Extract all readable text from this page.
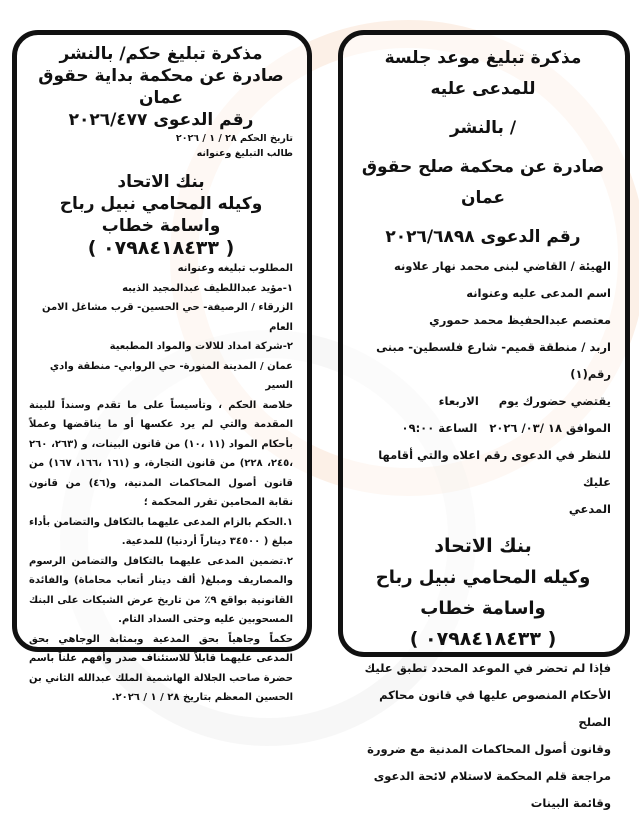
مذكرة تبليغ موعد جلسة للمدعى عليه
/ بالنشر
صادرة عن محكمة صلح حقوق عمان
رقم الدعوى ٢٠٢٦/٦٨٩٨
الهيئة / القاضي لبنى محمد نهار علاونه
اسم المدعى عليه وعنوانه
معتصم عبدالحفيظ محمد حموري
اربد / منطقة قميم- شارع فلسطين- مبنى رقم(١)
يقتضي حضورك يوم     الاربعاء
الموافق ١٨ /٠٣/ ٢٠٢٦   الساعة ٠٩:٠٠
للنظر في الدعوى رقم اعلاه والتي أقامها عليك
المدعي
بنك الاتحاد
وكيله المحامي نبيل رباح واسامة خطاب
( ٠٧٩٨٤١٨٤٣٣ )
فإذا لم تحضر في الموعد المحدد تطبق عليك
الأحكام المنصوص عليها في قانون محاكم الصلح
وقانون أصول المحاكمات المدنية مع ضرورة
مراجعة قلم المحكمة لاستلام لائحة الدعوى
وقائمة البينات
مذكرة تبليغ حكم/ بالنشر
صادرة عن محكمة بداية حقوق عمان
رقم الدعوى ٢٠٢٦/٤٧٧
تاريخ الحكم ٢٨ / ١ / ٢٠٢٦
طالب التبليغ وعنوانه
بنك الاتحاد
وكيله المحامي نبيل رباح واسامة خطاب
( ٠٧٩٨٤١٨٤٣٣ )
المطلوب تبليغه وعنوانه
١-مؤيد عبداللطيف عبدالمجيد الذيبه
الزرقاء / الرصيفة- حي الحسين- قرب مشاغل الامن العام
٢-شركة امداد للالات والمواد المطبعية
عمان / المدينة المنورة- حي الروابي- منطقة وادي السير
خلاصة الحكم ، وتأسيساً على ما تقدم وسنداً للبينة المقدمة والتي لم يرد عكسها أو ما يناقضها وعملاً بأحكام المواد (١١ ،١٠) من قانون البينات، و (٢٦٣، ٢٦٠ ،٢٤٥، ٢٢٨) من قانون التجارة، و (١٦١ ،١٦٦، ١٦٧) من قانون أصول المحاكمات المدنية، و(٤٦) من قانون نقابة المحامين تقرر المحكمة ؛
١.الحكم بالزام المدعى عليهما بالتكافل والتضامن بأداء مبلغ ( ٣٤٥٠٠ ديناراً أردنيا) للمدعية.
٢.تضمين المدعى عليهما بالتكافل والتضامن الرسوم والمصاريف ومبلغ( ألف دينار أتعاب محاماة) والفائدة القانونية بواقع ٩٪ من تاريخ عرض الشيكات على البنك المسحوبين عليه وحتى السداد التام.
حكماً وجاهياً بحق المدعية وبمثابة الوجاهي بحق المدعى عليهما قابلاً للاستئناف صدر وأفهم علناً باسم حضرة صاحب الجلالة الهاشمية الملك عبدالله الثاني بن الحسين المعظم بتاريخ ٢٨ / ١ / ٢٠٢٦.
